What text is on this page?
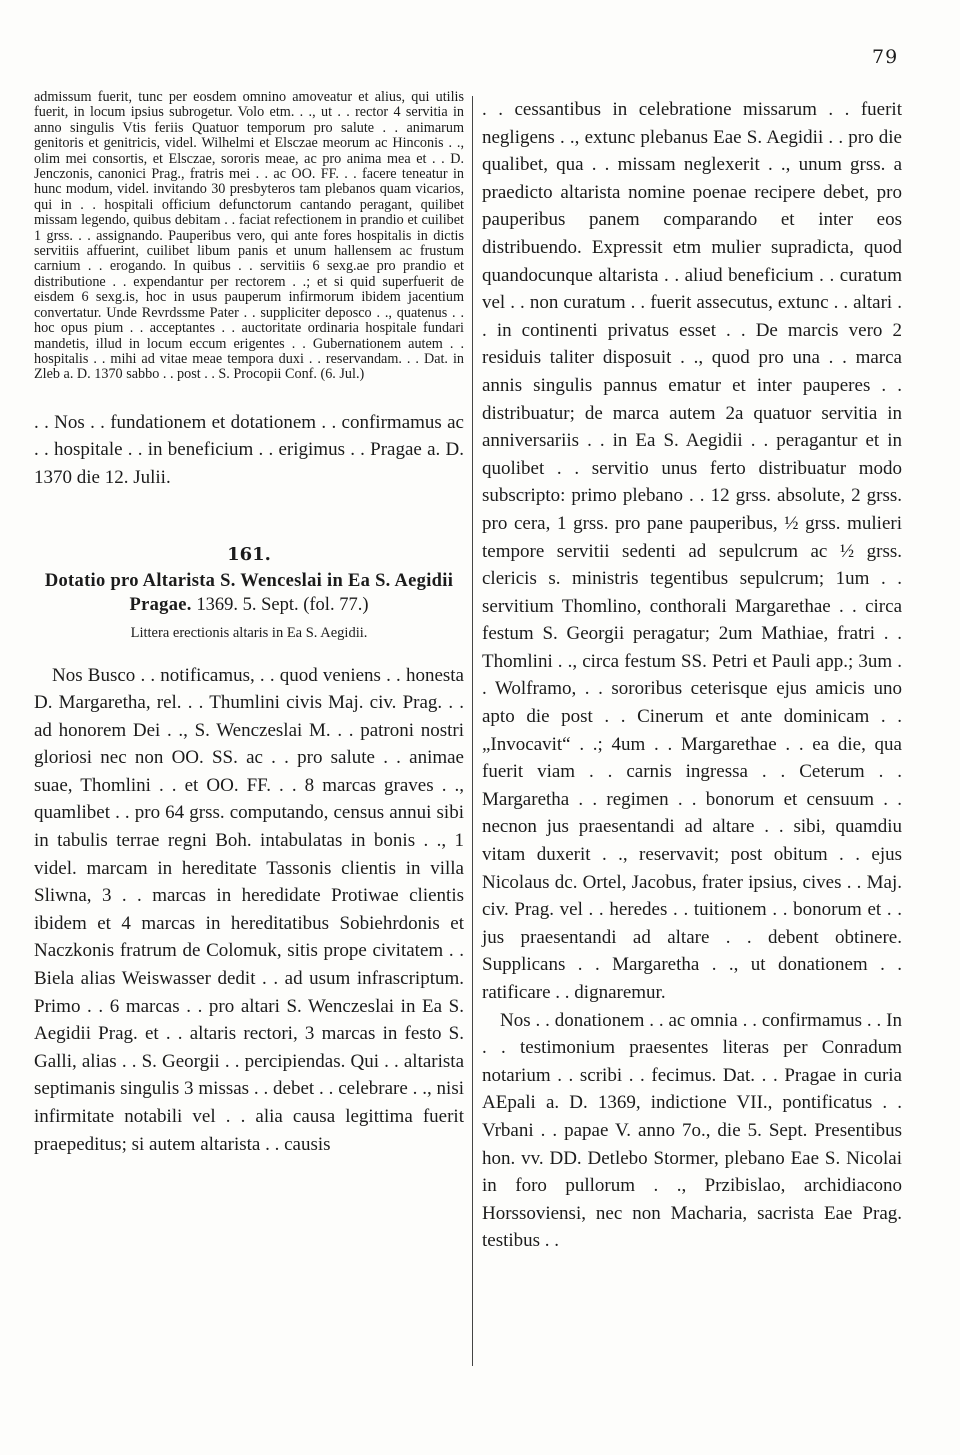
79

admissum fuerit, tunc per eosdem omnino amoveatur et alius, qui utilis fuerit, in locum ipsius subrogetur. Volo etm. . ., ut . . rector 4 servitia in anno singulis Vtis feriis Quatuor temporum pro salute . . animarum genitoris et genitricis, videl. Wilhelmi et Elsczae meorum ac Hinconis . ., olim mei consortis, et Elsczae, sororis meae, ac pro anima mea et . . D. Jenczonis, canonici Prag., fratris mei . . ac OO. FF. . . facere teneatur in hunc modum, videl. invitando 30 presbyteros tam plebanos quam vicarios, qui in . . hospitali officium defunctorum cantando peragant, quilibet missam legendo, quibus debitam . . faciat refectionem in prandio et cuilibet 1 grss. . . assignando. Pauperibus vero, qui ante fores hospitalis in dictis servitiis affuerint, cuilibet libum panis et unum hallensem ac frustum carnium . . erogando. In quibus . . servitiis 6 sexg.ae pro prandio et distributione . . expendantur per rectorem . .; et si quid superfuerit de eisdem 6 sexg.is, hoc in usus pauperum infirmorum ibidem jacentium convertatur. Unde Revrdssme Pater . . suppliciter deposco . ., quatenus . . hoc opus pium . . acceptantes . . auctoritate ordinaria hospitale fundari mandetis, illud in locum eccum erigentes . . Gubernationem autem . . hospitalis . . mihi ad vitae meae tempora duxi . . reservandam. . . Dat. in Zleb a. D. 1370 sabbo . . post . . S. Procopii Conf. (6. Jul.)

. . Nos . . fundationem et dotationem . . confirmamus ac . . hospitale . . in beneficium . . erigimus . . Pragae a. D. 1370 die 12. Julii.

161.

Dotatio pro Altarista S. Wenceslai in Ea S. Aegidii Pragae. 1369. 5. Sept. (fol. 77.)

Littera erectionis altaris in Ea S. Aegidii.

Nos Busco . . notificamus, . . quod veniens . . honesta D. Margaretha, rel. . . Thumlini civis Maj. civ. Prag. . . ad honorem Dei . ., S. Wenczeslai M. . . patroni nostri gloriosi nec non OO. SS. ac . . pro salute . . animae suae, Thomlini . . et OO. FF. . . 8 marcas graves . ., quamlibet . . pro 64 grss. computando, census annui sibi in tabulis terrae regni Boh. intabulatas in bonis . ., 1 videl. marcam in hereditate Tassonis clientis in villa Sliwna, 3 . . marcas in heredidate Protiwae clientis ibidem et 4 marcas in hereditatibus Sobiehrdonis et Naczkonis fratrum de Colomuk, sitis prope civitatem . . Biela alias Weiswasser dedit . . ad usum infrascriptum. Primo . . 6 marcas . . pro altari S. Wenczeslai in Ea S. Aegidii Prag. et . . altaris rectori, 3 marcas in festo S. Galli, alias . . S. Georgii . . percipiendas. Qui . . altarista septimanis singulis 3 missas . . debet . . celebrare . ., nisi infirmitate notabili vel . . alia causa legittima fuerit praepeditus; si autem altarista . . causis

. . cessantibus in celebratione missarum . . fuerit negligens . ., extunc plebanus Eae S. Aegidii . . pro die qualibet, qua . . missam neglexerit . ., unum grss. a praedicto altarista nomine poenae recipere debet, pro pauperibus panem comparando et inter eos distribuendo. Expressit etm mulier supradicta, quod quandocunque altarista . . aliud beneficium . . curatum vel . . non curatum . . fuerit assecutus, extunc . . altari . . in continenti privatus esset . . De marcis vero 2 residuis taliter disposuit . ., quod pro una . . marca annis singulis pannus ematur et inter pauperes . . distribuatur; de marca autem 2a quatuor servitia in anniversariis . . in Ea S. Aegidii . . peragantur et in quolibet . . servitio unus ferto distribuatur modo subscripto: primo plebano . . 12 grss. absolute, 2 grss. pro cera, 1 grss. pro pane pauperibus, ½ grss. mulieri tempore servitii sedenti ad sepulcrum ac ½ grss. clericis s. ministris tegentibus sepulcrum; 1um . . servitium Thomlino, conthorali Margarethae . . circa festum S. Georgii peragatur; 2um Mathiae, fratri . . Thomlini . ., circa festum SS. Petri et Pauli app.; 3um . . Wolframo, . . sororibus ceterisque ejus amicis uno apto die post . . Cinerum et ante dominicam . . „Invocavit“ . .; 4um . . Margarethae . . ea die, qua fuerit viam . . carnis ingressa . . Ceterum . . Margaretha . . regimen . . bonorum et censuum . . necnon jus praesentandi ad altare . . sibi, quamdiu vitam duxerit . ., reservavit; post obitum . . ejus Nicolaus dc. Ortel, Jacobus, frater ipsius, cives . . Maj. civ. Prag. vel . . heredes . . tuitionem . . bonorum et . . jus praesentandi ad altare . . debent obtinere. Supplicans . . Margaretha . ., ut donationem . . ratificare . . dignaremur.

Nos . . donationem . . ac omnia . . confirmamus . . In . . testimonium praesentes literas per Conradum notarium . . scribi . . fecimus. Dat. . . Pragae in curia AEpali a. D. 1369, indictione VII., pontificatus . . Vrbani . . papae V. anno 7o., die 5. Sept. Presentibus hon. vv. DD. Detlebo Stormer, plebano Eae S. Nicolai in foro pullorum . ., Przibislao, archidiacono Horssoviensi, nec non Macharia, sacrista Eae Prag. testibus . .
